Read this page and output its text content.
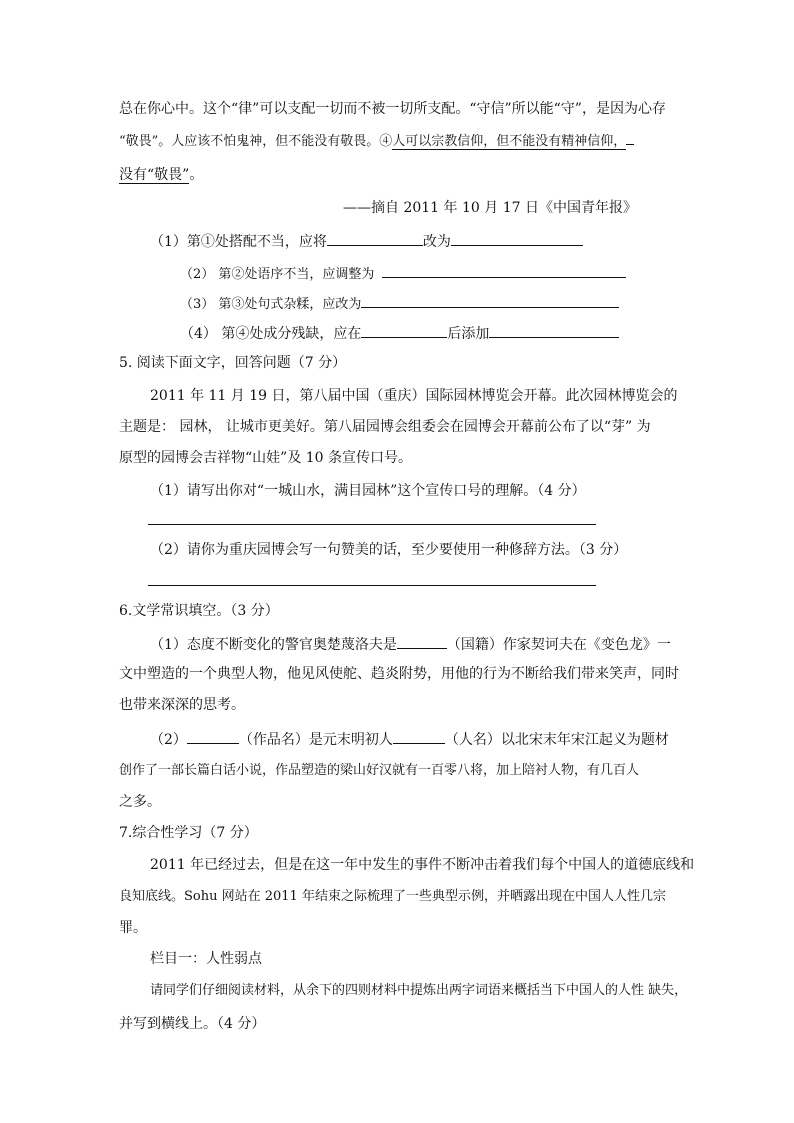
总在你心中。这个“律”可以支配一切而不被一切所支配。“守信”所以能“守”，是因为心存
“敬畏”。人应该不怕鬼神，但不能没有敬畏。④人可以宗教信仰，但不能没有精神信仰，
没有“敬畏”。
——摘自 2011 年 10 月 17 日《中国青年报》
（1）第①处搭配不当，应将	改为
（2） 第②处语序不当，应调整为
（3） 第③处句式杂糅，应改为
（4） 第④处成分残缺，应在	后添加
5. 阅读下面文字，回答问题（7 分）
2011 年 11 月 19 日，第八届中国（重庆）国际园林博览会开幕。此次园林博览会的
主题是： 园林， 让城市更美好。第八届园博会组委会在园博会开幕前公布了以“芽” 为
原型的园博会吉祥物“山娃”及 10 条宣传口号。
（1）请写出你对“一城山水，满目园林”这个宣传口号的理解。（4 分）
（2）请你为重庆园博会写一句赞美的话，至少要使用一种修辞方法。（3 分）
6.文学常识填空。（3 分）
（1）态度不断变化的警官奥楚蔑洛夫是	（国籍）作家契诃夫在《变色龙》一
文中塑造的一个典型人物，他见风使舵、趋炎附势，用他的行为不断给我们带来笑声，同时
也带来深深的思考。
（2）	（作品名）是元末明初人	（人名）以北宋末年宋江起义为题材
创作了一部长篇白话小说，作品塑造的梁山好汉就有一百零八将，加上陪衬人物，有几百人
之多。
7.综合性学习（7 分）
2011 年已经过去，但是在这一年中发生的事件不断冲击着我们每个中国人的道德底线和
良知底线。Sohu 网站在 2011 年结束之际梳理了一些典型示例，并晒露出现在中国人人性几宗
罪。
栏目一：人性弱点
请同学们仔细阅读材料，从余下的四则材料中提炼出两字词语来概括当下中国人的人性 缺失，
并写到横线上。（4 分）
